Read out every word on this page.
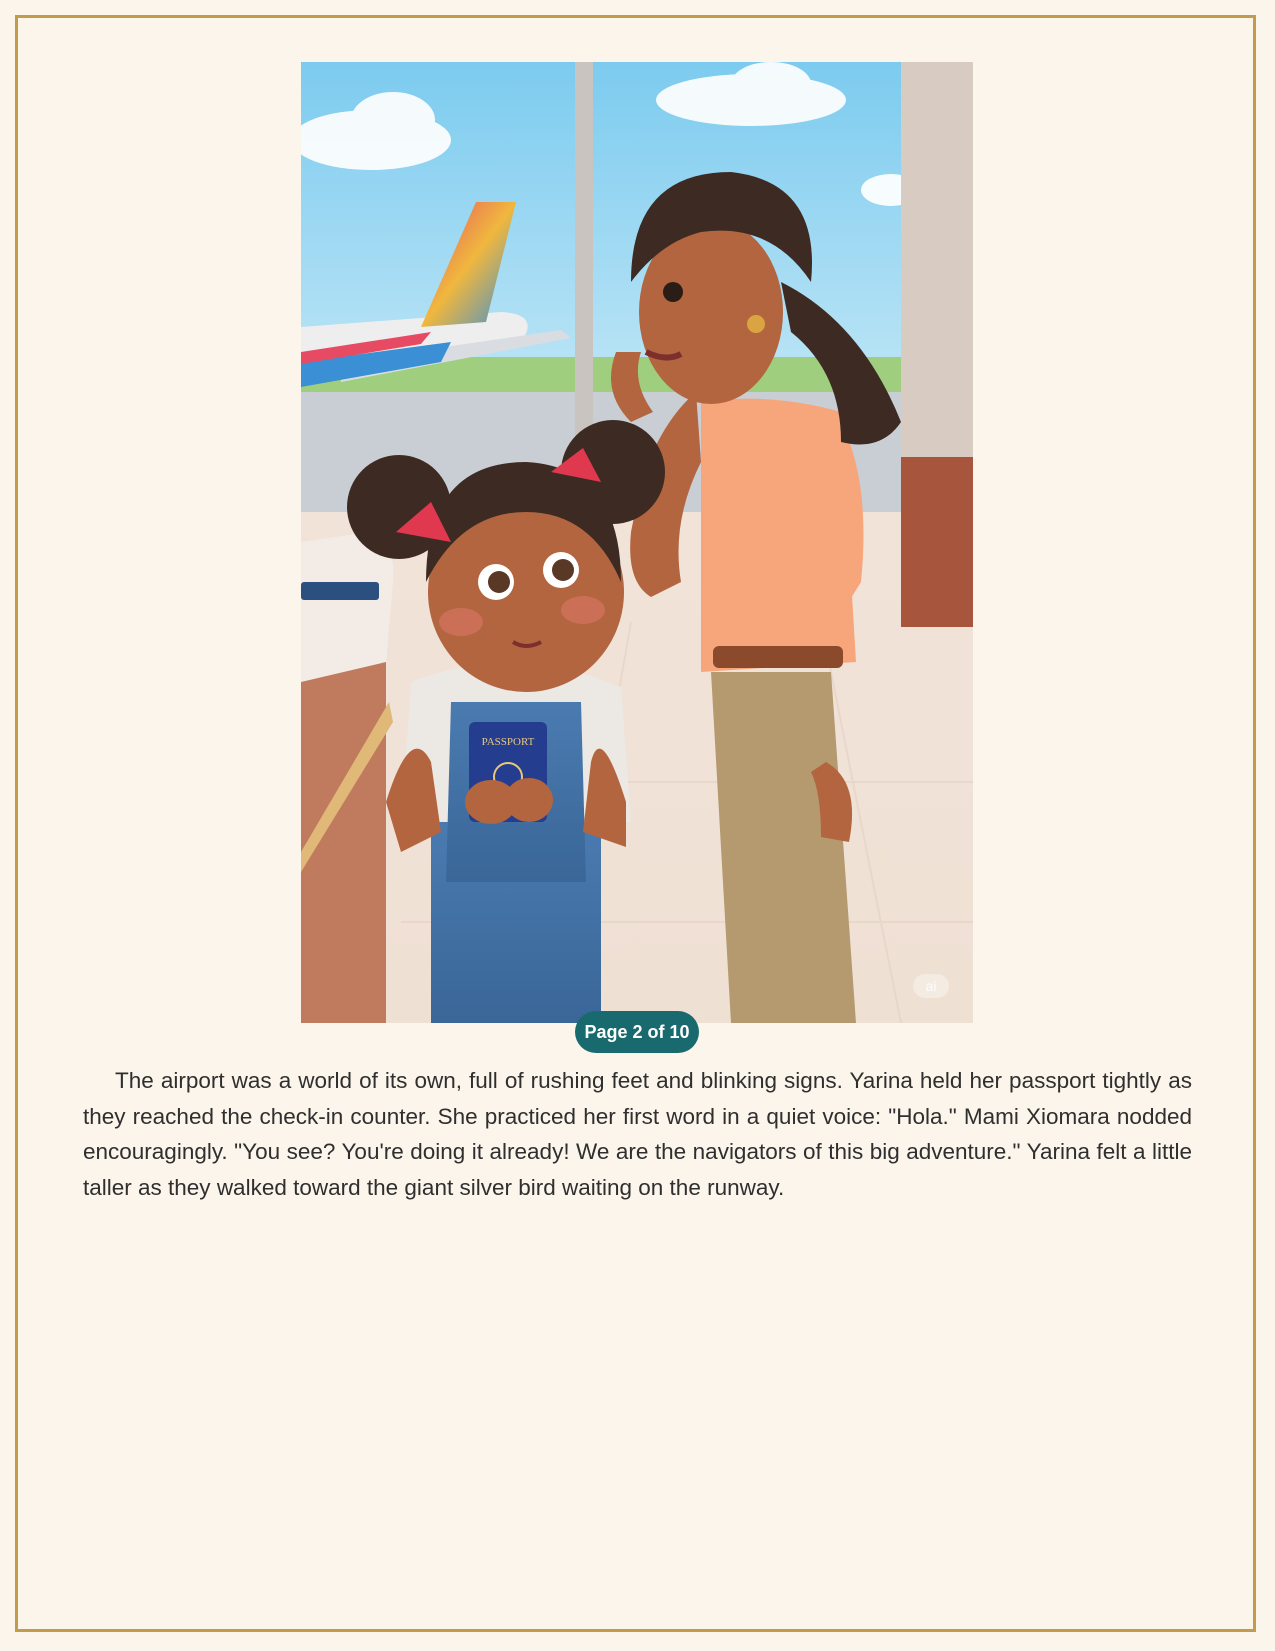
PASSPORT
ai
Page 2 of 10

The airport was a world of its own, full of rushing feet and blinking signs. Yarina held her passport tightly as they reached the check-in counter. She practiced her first word in a quiet voice: "Hola." Mami Xiomara nodded encouragingly. "You see? You're doing it already! We are the navigators of this big adventure." Yarina felt a little taller as they walked toward the giant silver bird waiting on the runway.
